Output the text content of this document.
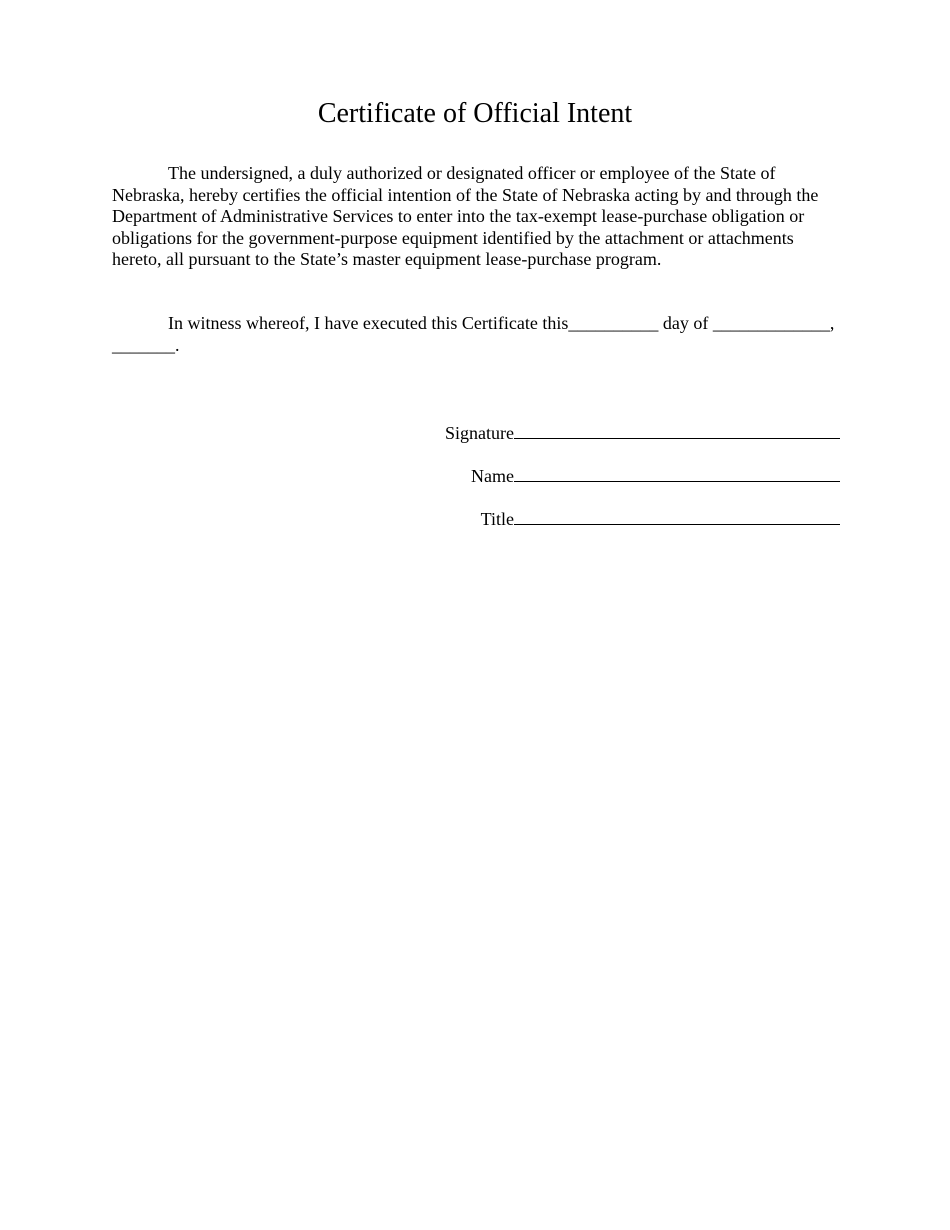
Certificate of Official Intent

The undersigned, a duly authorized or designated officer or employee of the State of Nebraska, hereby certifies the official intention of the State of Nebraska acting by and through the Department of Administrative Services to enter into the tax-exempt lease-purchase obligation or obligations for the government-purpose equipment identified by the attachment or attachments hereto, all pursuant to the State’s master equipment lease-purchase program.

In witness whereof, I have executed this Certificate this__________ day of _____________, _______.

Signature
Name
Title
